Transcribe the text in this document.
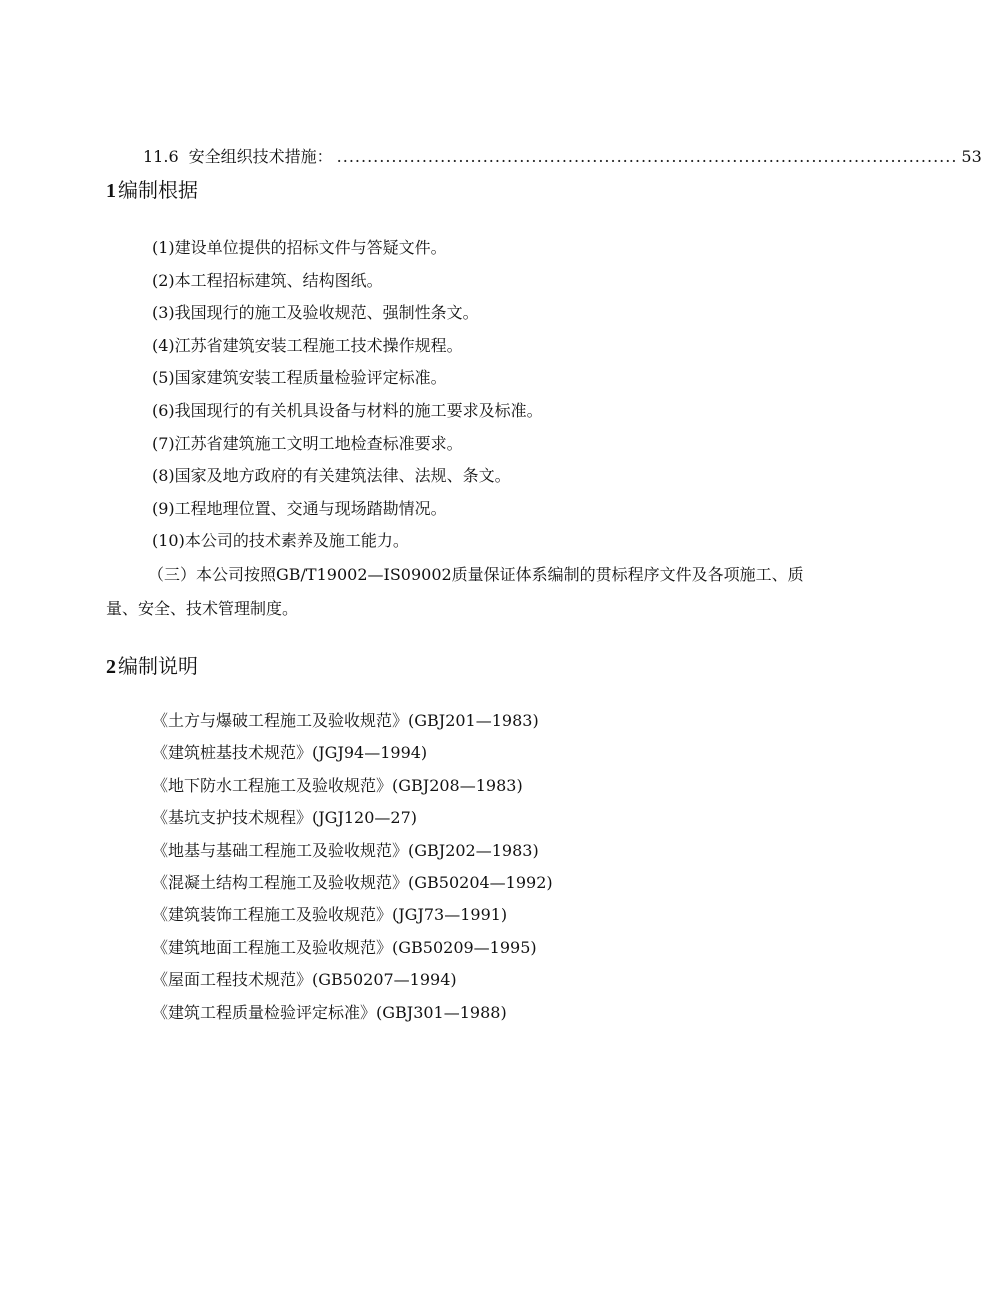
11.6 安全组织技术措施： ...................................................................................................... 53
1 编制根据
(1)建设单位提供的招标文件与答疑文件。
(2)本工程招标建筑、结构图纸。
(3)我国现行的施工及验收规范、强制性条文。
(4)江苏省建筑安装工程施工技术操作规程。
(5)国家建筑安装工程质量检验评定标准。
(6)我国现行的有关机具设备与材料的施工要求及标准。
(7)江苏省建筑施工文明工地检查标准要求。
(8)国家及地方政府的有关建筑法律、法规、条文。
(9)工程地理位置、交通与现场踏勘情况。
(10)本公司的技术素养及施工能力。

（三）本公司按照GB/T19002—IS09002质量保证体系编制的贯标程序文件及各项施工、质量、安全、技术管理制度。

2 编制说明
《土方与爆破工程施工及验收规范》(GBJ201—1983)
《建筑桩基技术规范》(JGJ94—1994)
《地下防水工程施工及验收规范》(GBJ208—1983)
《基坑支护技术规程》(JGJ120—27)
《地基与基础工程施工及验收规范》(GBJ202—1983)
《混凝土结构工程施工及验收规范》(GB50204—1992)
《建筑装饰工程施工及验收规范》(JGJ73—1991)
《建筑地面工程施工及验收规范》(GB50209—1995)
《屋面工程技术规范》(GB50207—1994)
《建筑工程质量检验评定标准》(GBJ301—1988)
